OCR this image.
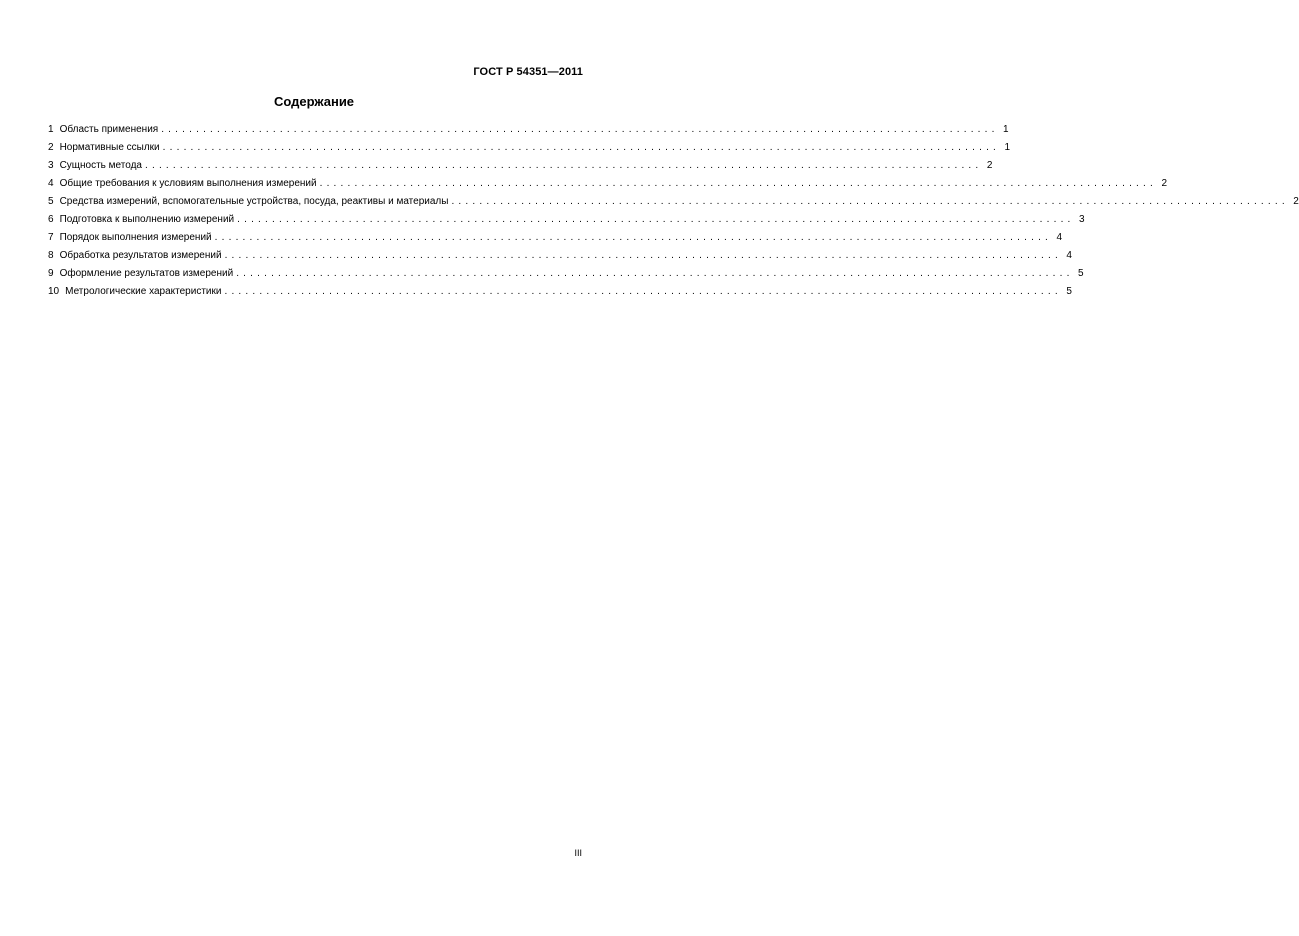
ГОСТ Р 54351—2011
Содержание
1 Область применения ........................................................................................................................ 1
2 Нормативные ссылки ........................................................................................................................ 1
3 Сущность метода ........................................................................................................................ 2
4 Общие требования к условиям выполнения измерений ........................................................................................................................ 2
5 Средства измерений, вспомогательные устройства, посуда, реактивы и материалы ........................................................................................................................ 2
6 Подготовка к выполнению измерений ........................................................................................................................ 3
7 Порядок выполнения измерений ........................................................................................................................ 4
8 Обработка результатов измерений ........................................................................................................................ 4
9 Оформление результатов измерений ........................................................................................................................ 5
10 Метрологические характеристики ........................................................................................................................ 5
III
